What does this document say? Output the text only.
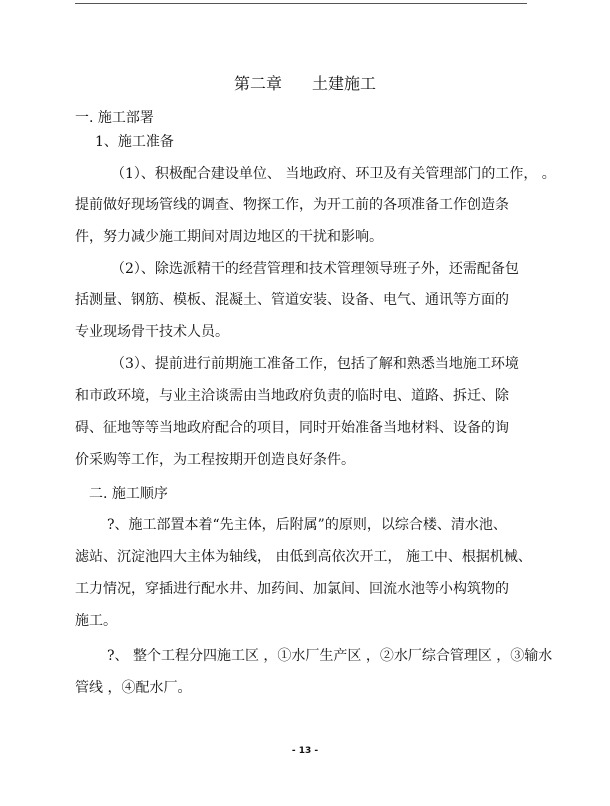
第二章 土建施工
一. 施工部署
1、施工准备
（1）、积极配合建设单位、 当地政府、环卫及有关管理部门的工作， 。
提前做好现场管线的调查、物探工作，为开工前的各项准备工作创造条
件，努力减少施工期间对周边地区的干扰和影响。
（2）、除选派精干的经营管理和技术管理领导班子外，还需配备包
括测量、钢筋、模板、混凝土、管道安装、设备、电气、通讯等方面的
专业现场骨干技术人员。
（3）、提前进行前期施工准备工作，包括了解和熟悉当地施工环境
和市政环境，与业主洽谈需由当地政府负责的临时电、道路、拆迁、除
碍、征地等等当地政府配合的项目，同时开始准备当地材料、设备的询
价采购等工作，为工程按期开创造良好条件。
二. 施工顺序
?、施工部置本着“先主体，后附属”的原则，以综合楼、清水池、
滤站、沉淀池四大主体为轴线， 由低到高依次开工， 施工中、根据机械、
工力情况，穿插进行配水井、加药间、加氯间、回流水池等小构筑物的
施工。
?、 整个工程分四施工区 ，①水厂生产区 ，②水厂综合管理区 ，③输水
管线 ，④配水厂。
- 13 -
